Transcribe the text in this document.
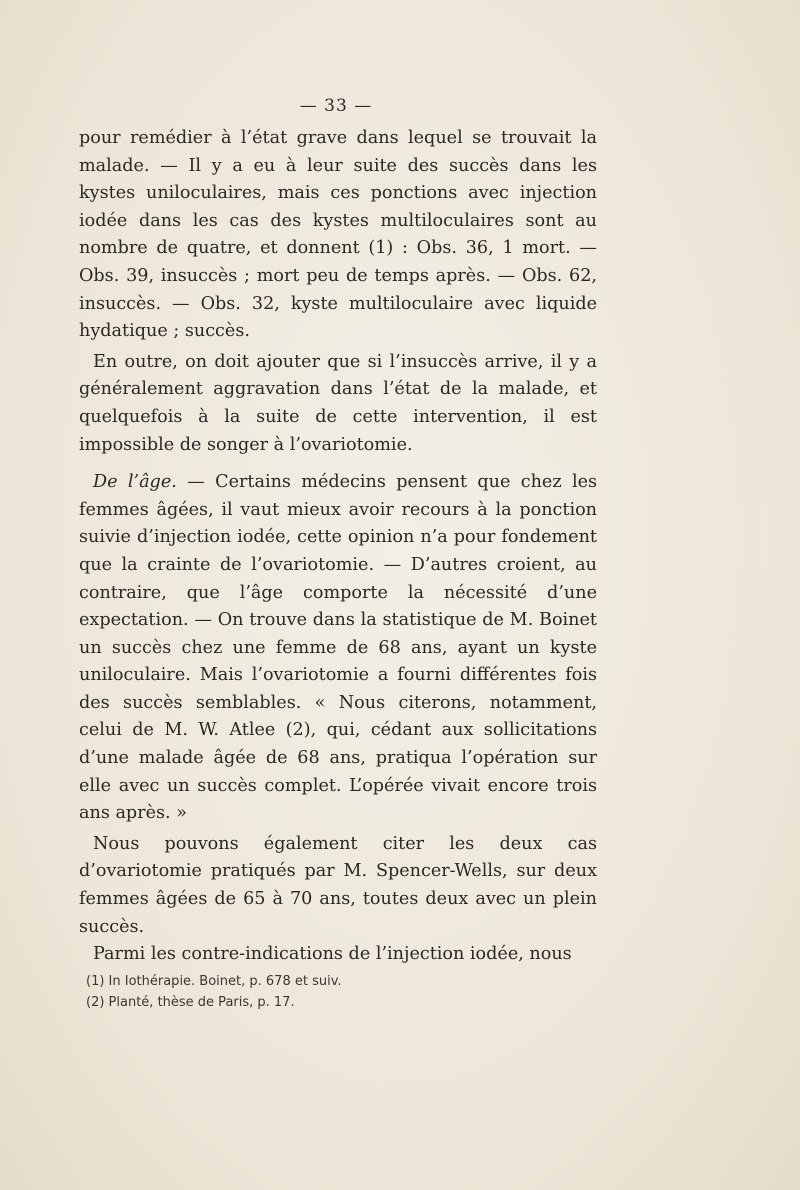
— 33 —

pour remédier à l’état grave dans lequel se trouvait la malade. — Il y a eu à leur suite des succès dans les kystes uniloculaires, mais ces ponctions avec injection iodée dans les cas des kystes multiloculaires sont au nombre de quatre, et donnent (1) : Obs. 36, 1 mort. — Obs. 39, insuccès ; mort peu de temps après. — Obs. 62, insuccès. — Obs. 32, kyste multiloculaire avec liquide hydatique ; succès.

En outre, on doit ajouter que si l’insuccès arrive, il y a généralement aggravation dans l’état de la malade, et quelquefois à la suite de cette intervention, il est impossible de songer à l’ovariotomie.

De l’âge. — Certains médecins pensent que chez les femmes âgées, il vaut mieux avoir recours à la ponction suivie d’injection iodée, cette opinion n’a pour fondement que la crainte de l’ovariotomie. — D’autres croient, au contraire, que l’âge comporte la nécessité d’une expectation. — On trouve dans la statistique de M. Boinet un succès chez une femme de 68 ans, ayant un kyste uniloculaire. Mais l’ovariotomie a fourni différentes fois des succès semblables. « Nous citerons, notamment, celui de M. W. Atlee (2), qui, cédant aux sollicitations d’une malade âgée de 68 ans, pratiqua l’opération sur elle avec un succès complet. L’opérée vivait encore trois ans après. »

Nous pouvons également citer les deux cas d’ovariotomie pratiqués par M. Spencer-Wells, sur deux femmes âgées de 65 à 70 ans, toutes deux avec un plein succès.

Parmi les contre-indications de l’injection iodée, nous

(1) In Iothérapie. Boinet, p. 678 et suiv.
(2) Planté, thèse de Paris, p. 17.
